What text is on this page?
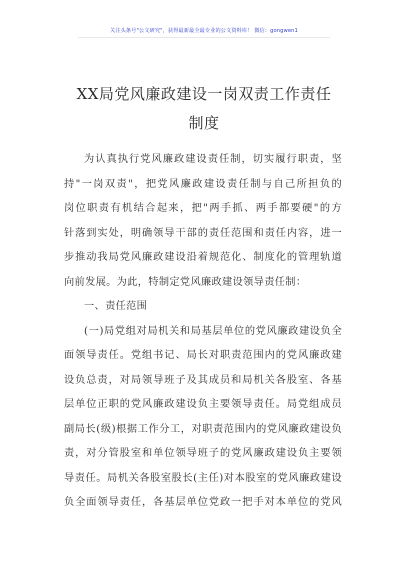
关注头条号"公文研究"，获得最新最全最专业的公文资料库！ 微信：gongwen1
XX局党风廉政建设一岗双责工作责任
制度
为认真执行党风廉政建设责任制，切实履行职责，坚
持"一岗双责"，把党风廉政建设责任制与自己所担负的
岗位职责有机结合起来，把"两手抓、两手都要硬"的方
针落到实处，明确领导干部的责任范围和责任内容，进一
步推动我局党风廉政建设沿着规范化、制度化的管理轨道
向前发展。为此，特制定党风廉政建设领导责任制：
一、责任范围
(一)局党组对局机关和局基层单位的党风廉政建设负全
面领导责任。党组书记、局长对职责范围内的党风廉政建
设负总责，对局领导班子及其成员和局机关各股室、各基
层单位正职的党风廉政建设负主要领导责任。局党组成员
副局长(级)根据工作分工，对职责范围内的党风廉政建设负
责，对分管股室和单位领导班子的党风廉政建设负主要领
导责任。局机关各股室股长(主任)对本股室的党风廉政建设
负全面领导责任，各基层单位党政一把手对本单位的党风
